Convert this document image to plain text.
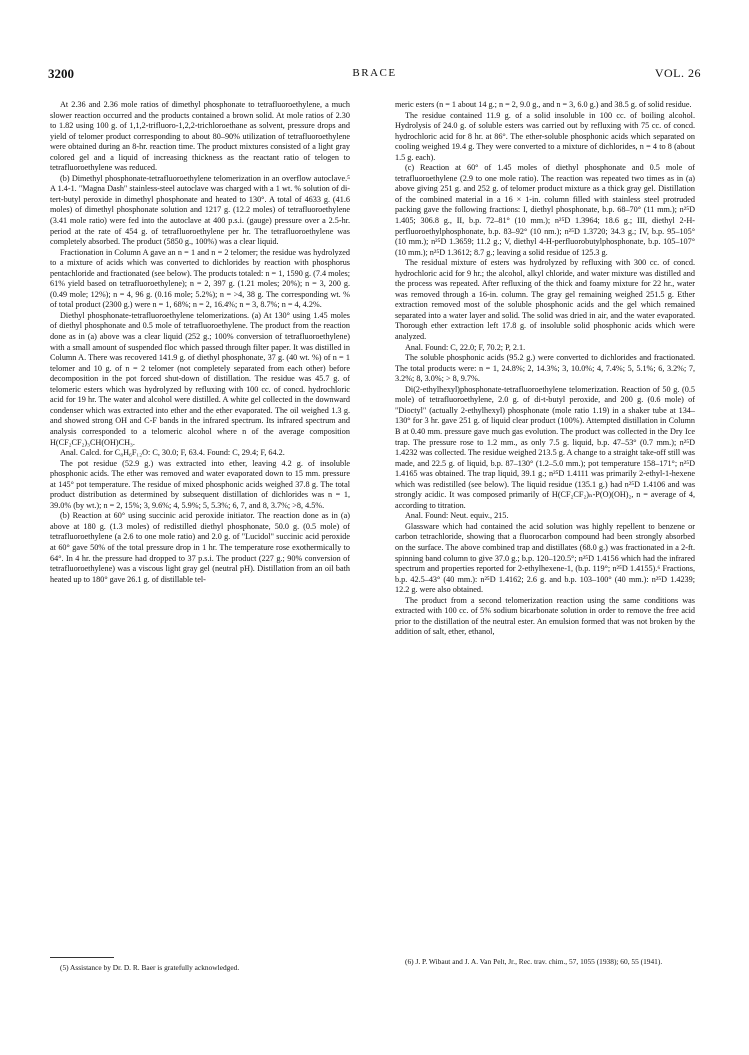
3200	BRACE	VOL. 26

At 2.36 and 2.36 mole ratios of dimethyl phosphonate to tetrafluoroethylene, a much slower reaction occurred and the products contained a brown solid. At mole ratios of 2.30 to 1.82 using 100 g. of 1,1,2-trifluoro-1,2,2-trichloroethane as solvent, pressure drops and yield of telomer product corresponding to about 80–90% utilization of tetrafluoroethylene were obtained during an 8-hr. reaction time. The product mixtures consisted of a light gray colored gel and a liquid of increasing thickness as the reactant ratio of telogen to tetrafluoroethylene was reduced.

(b) Dimethyl phosphonate-tetrafluoroethylene telomerization in an overflow autoclave.⁵ A 1.4-1. "Magna Dash" stainless-steel autoclave was charged with a 1 wt. % solution of di-tert-butyl peroxide in dimethyl phosphonate and heated to 130°. A total of 4633 g. (41.6 moles) of dimethyl phosphonate solution and 1217 g. (12.2 moles) of tetrafluoroethylene (3.41 mole ratio) were fed into the autoclave at 400 p.s.i. (gauge) pressure over a 2.5-hr. period at the rate of 454 g. of tetrafluoroethylene per hr. The tetrafluoroethylene was completely absorbed. The product (5850 g., 100%) was a clear liquid.

Fractionation in Column A gave an n = 1 and n = 2 telomer; the residue was hydrolyzed to a mixture of acids which was converted to dichlorides by reaction with phosphorus pentachloride and fractionated (see below). The products totaled: n = 1, 1590 g. (7.4 moles; 61% yield based on tetrafluoroethylene); n = 2, 397 g. (1.21 moles; 20%); n = 3, 200 g. (0.49 mole; 12%); n = 4, 96 g. (0.16 mole; 5.2%); n = >4, 38 g. The corresponding wt. % of total product (2300 g.) were n = 1, 68%; n = 2, 16.4%; n = 3, 8.7%; n = 4, 4.2%.

Diethyl phosphonate-tetrafluoroethylene telomerizations. (a) At 130° using 1.45 moles of diethyl phosphonate and 0.5 mole of tetrafluoroethylene. The product from the reaction done as in (a) above was a clear liquid (252 g.; 100% conversion of tetrafluoroethylene) with a small amount of suspended floc which passed through filter paper. It was distilled in Column A. There was recovered 141.9 g. of diethyl phosphonate, 37 g. (40 wt. %) of n = 1 telomer and 10 g. of n = 2 telomer (not completely separated from each other) before decomposition in the pot forced shut-down of distillation. The residue was 45.7 g. of telomeric esters which was hydrolyzed by refluxing with 100 cc. of concd. hydrochloric acid for 19 hr. The water and alcohol were distilled. A white gel collected in the downward condenser which was extracted into ether and the ether evaporated. The oil weighed 1.3 g. and showed strong OH and C-F bands in the infrared spectrum. Its infrared spectrum and analysis corresponded to a telomeric alcohol where n of the average composition H(CF₂CF₂)₃CH(OH)CH₃.

Anal. Calcd. for C₈H₆F₁₂O: C, 30.0; F, 63.4. Found: C, 29.4; F, 64.2.

The pot residue (52.9 g.) was extracted into ether, leaving 4.2 g. of insoluble phosphonic acids. The ether was removed and water evaporated down to 15 mm. pressure at 145° pot temperature. The residue of mixed phosphonic acids weighed 37.8 g. The total product distribution as determined by subsequent distillation of dichlorides was n = 1, 39.0% (by wt.); n = 2, 15%; 3, 9.6%; 4, 5.9%; 5, 5.3%; 6, 7, and 8, 3.7%; >8, 4.5%.

(b) Reaction at 60° using succinic acid peroxide initiator. The reaction done as in (a) above at 180 g. (1.3 moles) of redistilled diethyl phosphonate, 50.0 g. (0.5 mole) of tetrafluoroethylene (a 2.6 to one mole ratio) and 2.0 g. of "Lucidol" succinic acid peroxide at 60° gave 50% of the total pressure drop in 1 hr. The temperature rose exothermically to 64°. In 4 hr. the pressure had dropped to 37 p.s.i. The product (227 g.; 90% conversion of tetrafluoroethylene) was a viscous light gray gel (neutral pH). Distillation from an oil bath heated up to 180° gave 26.1 g. of distillable tel-

meric esters (n = 1 about 14 g.; n = 2, 9.0 g., and n = 3, 6.0 g.) and 38.5 g. of solid residue.

The residue contained 11.9 g. of a solid insoluble in 100 cc. of boiling alcohol. Hydrolysis of 24.0 g. of soluble esters was carried out by refluxing with 75 cc. of concd. hydrochloric acid for 8 hr. at 86°. The ether-soluble phosphonic acids which separated on cooling weighed 19.4 g. They were converted to a mixture of dichlorides, n = 4 to 8 (about 1.5 g. each).

(c) Reaction at 60° of 1.45 moles of diethyl phosphonate and 0.5 mole of tetrafluoroethylene (2.9 to one mole ratio). The reaction was repeated two times as in (a) above giving 251 g. and 252 g. of telomer product mixture as a thick gray gel. Distillation of the combined material in a 16 × 1-in. column filled with stainless steel protruded packing gave the following fractions: I, diethyl phosphonate, b.p. 68–70° (11 mm.); n²⁵D 1.405; 306.8 g., II, b.p. 72–81° (10 mm.); n²⁵D 1.3964; 18.6 g.; III, diethyl 2-H-perfluoroethylphosphonate, b.p. 83–92° (10 nm.); n²⁵D 1.3720; 34.3 g.; IV, b.p. 95–105° (10 mm.); n²⁵D 1.3659; 11.2 g.; V, diethyl 4-H-perfluorobutylphosphonate, b.p. 105–107° (10 mm.); n²⁵D 1.3612; 8.7 g.; leaving a solid residue of 125.3 g.

The residual mixture of esters was hydrolyzed by refluxing with 300 cc. of concd. hydrochloric acid for 9 hr.; the alcohol, alkyl chloride, and water mixture was distilled and the process was repeated. After refluxing of the thick and foamy mixture for 22 hr., water was removed through a 16-in. column. The gray gel remaining weighed 251.5 g. Ether extraction removed most of the soluble phosphonic acids and the gel which remained separated into a water layer and solid. The solid was dried in air, and the water evaporated. Thorough ether extraction left 17.8 g. of insoluble solid phosphonic acids which were analyzed.

Anal. Found: C, 22.0; F, 70.2; P, 2.1.

The soluble phosphonic acids (95.2 g.) were converted to dichlorides and fractionated. The total products were: n = 1, 24.8%; 2, 14.3%; 3, 10.0%; 4, 7.4%; 5, 5.1%; 6, 3.2%; 7, 3.2%; 8, 3.0%; > 8, 9.7%.

Di(2-ethylhexyl)phosphonate-tetrafluoroethylene telomerization. Reaction of 50 g. (0.5 mole) of tetrafluoroethylene, 2.0 g. of di-t-butyl peroxide, and 200 g. (0.6 mole) of "Dioctyl" (actually 2-ethylhexyl) phosphonate (mole ratio 1.19) in a shaker tube at 134–130° for 3 hr. gave 251 g. of liquid clear product (100%). Attempted distillation in Column B at 0.40 mm. pressure gave much gas evolution. The product was collected in the Dry Ice trap. The pressure rose to 1.2 mm., as only 7.5 g. liquid, b.p. 47–53° (0.7 mm.); n²⁵D 1.4232 was collected. The residue weighed 213.5 g. A change to a straight take-off still was made, and 22.5 g. of liquid, b.p. 87–130° (1.2–5.0 mm.); pot temperature 158–171°; n²⁵D 1.4165 was obtained. The trap liquid, 39.1 g.; n²⁵D 1.4111 was primarily 2-ethyl-1-hexene which was redistilled (see below). The liquid residue (135.1 g.) had n²⁵D 1.4106 and was strongly acidic. It was composed primarily of H(CF₂CF₂)ₙ-P(O)(OH)₂, n = average of 4, according to titration.

Anal. Found: Neut. equiv., 215.

Glassware which had contained the acid solution was highly repellent to benzene or carbon tetrachloride, showing that a fluorocarbon compound had been strongly absorbed on the surface. The above combined trap and distillates (68.0 g.) was fractionated in a 2-ft. spinning band column to give 37.0 g.; b.p. 120–120.5°; n²⁵D 1.4156 which had the infrared spectrum and properties reported for 2-ethylhexene-1, (b.p. 119°; n²⁵D 1.4155).⁶ Fractions, b.p. 42.5–43° (40 mm.): n²⁵D 1.4162; 2.6 g. and b.p. 103–100° (40 mm.): n²⁵D 1.4239; 12.2 g. were also obtained.

The product from a second telomerization reaction using the same conditions was extracted with 100 cc. of 5% sodium bicarbonate solution in order to remove the free acid prior to the distillation of the neutral ester. An emulsion formed that was not broken by the addition of salt, ether, ethanol,

(5) Assistance by Dr. D. R. Baer is gratefully acknowledged.

(6) J. P. Wibaut and J. A. Van Pelt, Jr., Rec. trav. chim., 57, 1055 (1938); 60, 55 (1941).
